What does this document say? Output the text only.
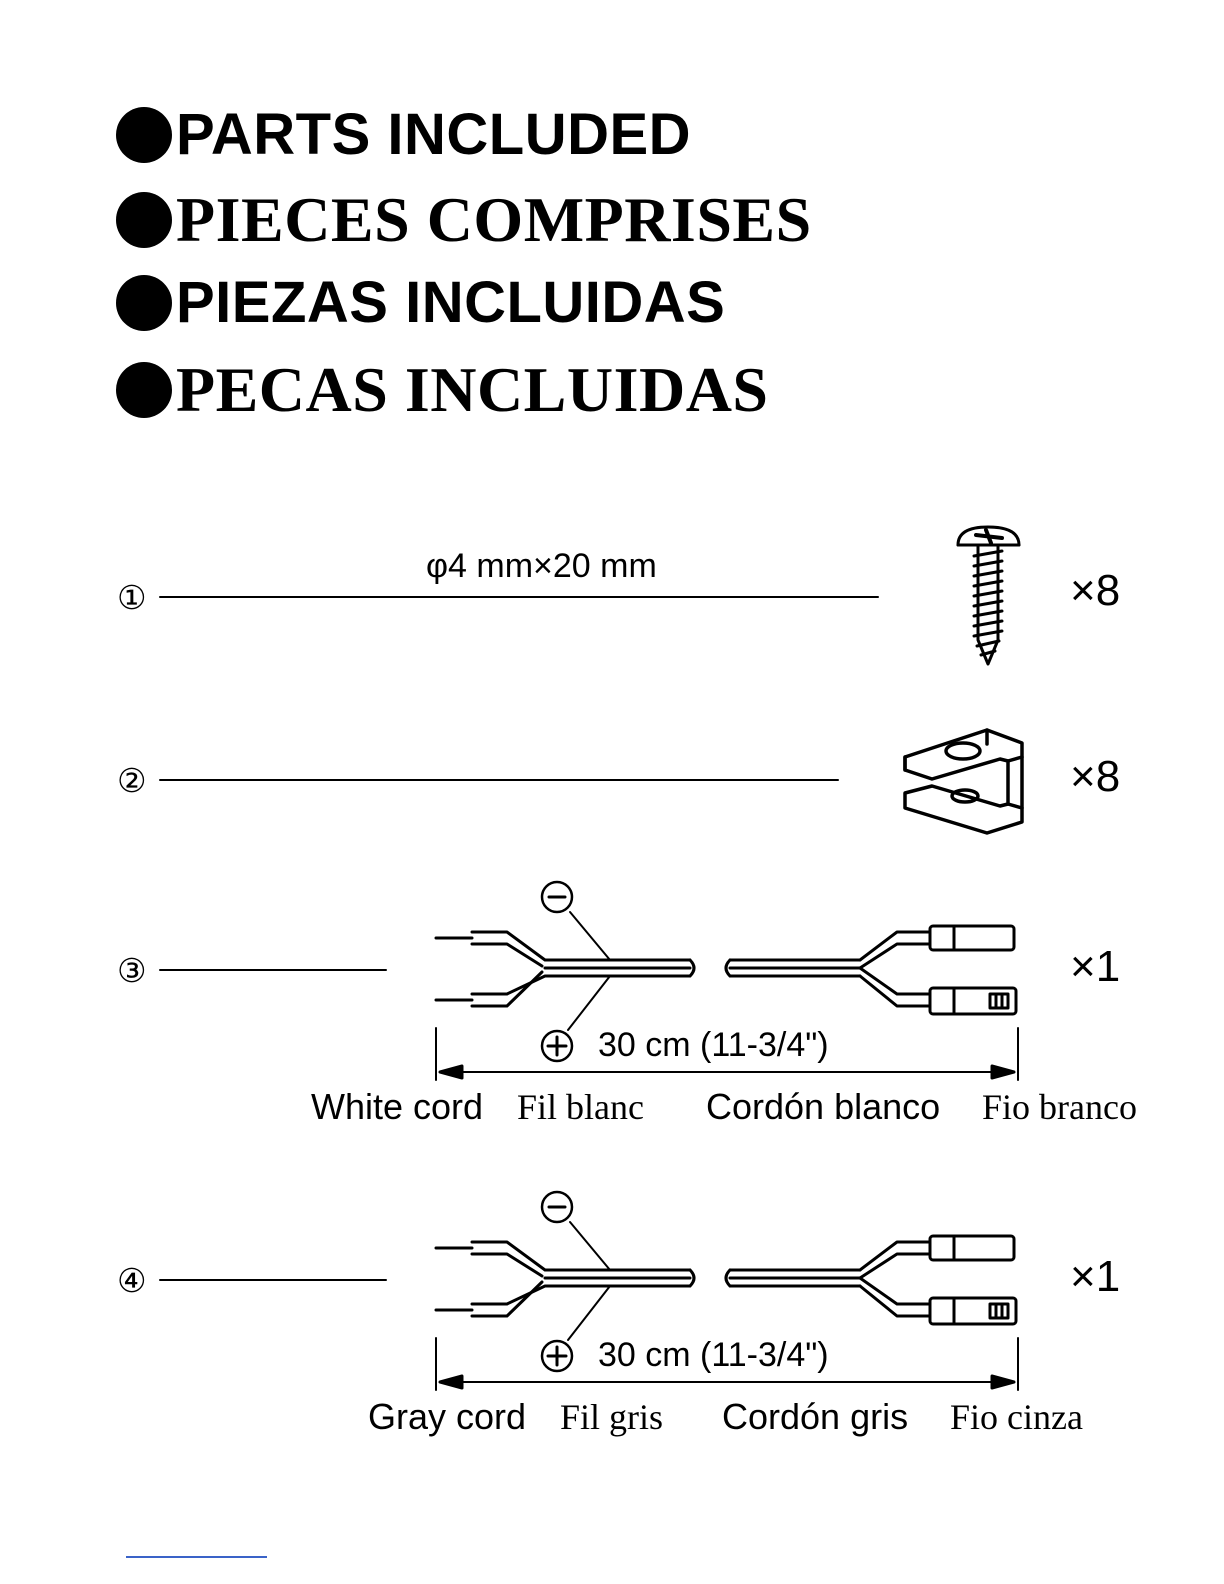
PARTS INCLUDED
PIECES COMPRISES
PIEZAS INCLUIDAS
PECAS INCLUIDAS
①
②
③
④
φ4 mm×20 mm	×8
×8
×1
×1
30 cm (11-3/4")
White cord Fil blanc Cordón blanco Fio branco
30 cm (11-3/4")
Gray cord Fil gris Cordón gris Fio cinza
